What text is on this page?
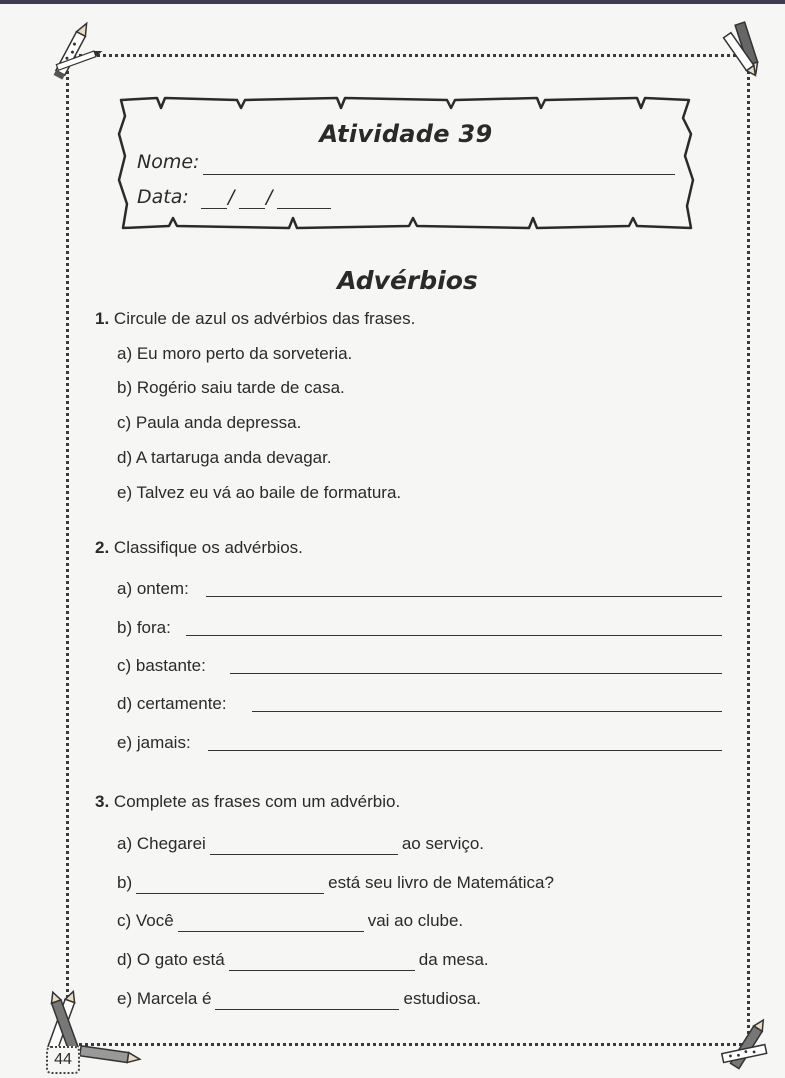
Atividade 39
Nome:
Data: / /
Advérbios
1. Circule de azul os advérbios das frases.
a) Eu moro perto da sorveteria.
b) Rogério saiu tarde de casa.
c) Paula anda depressa.
d) A tartaruga anda devagar.
e) Talvez eu vá ao baile de formatura.
2. Classifique os advérbios.
a) ontem:
b) fora:
c) bastante:
d) certamente:
e) jamais:
3. Complete as frases com um advérbio.
a) Chegarei	ao serviço.
b)	está seu livro de Matemática?
c) Você	vai ao clube.
d) O gato está	da mesa.
e) Marcela é	estudiosa.
44
